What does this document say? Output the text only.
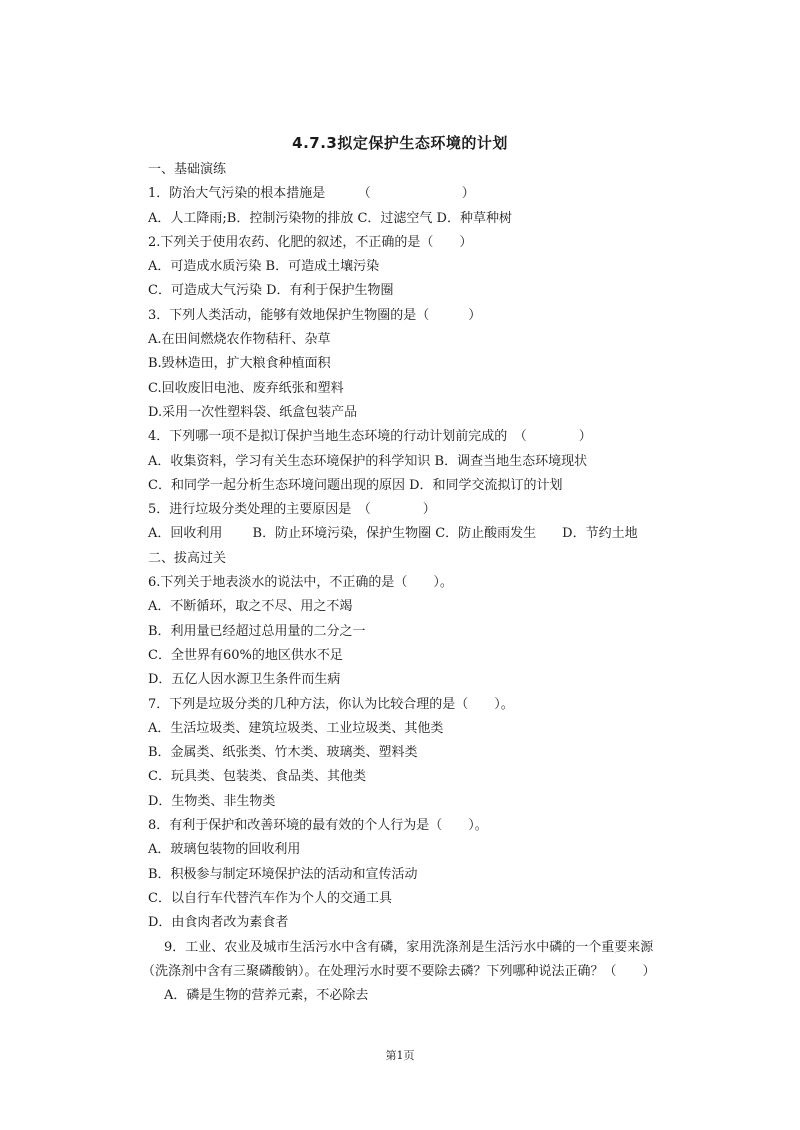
4.7.3拟定保护生态环境的计划
一、基础演练
1．防治大气污染的根本措施是　　　（　　　　　　　）
A．人工降雨;B．控制污染物的排放 C．过滤空气 D．种草种树
2.下列关于使用农药、化肥的叙述，不正确的是（　　）
A．可造成水质污染 B．可造成土壤污染
C．可造成大气污染 D．有利于保护生物圈
3．下列人类活动，能够有效地保护生物圈的是（　　　）
A.在田间燃烧农作物秸秆、杂草
B.毁林造田，扩大粮食种植面积
C.回收废旧电池、废弃纸张和塑料
D.采用一次性塑料袋、纸盒包装产品
4．下列哪一项不是拟订保护当地生态环境的行动计划前完成的　（　　　　）
A．收集资料，学习有关生态环境保护的科学知识 B．调查当地生态环境现状
C．和同学一起分析生态环境问题出现的原因 D．和同学交流拟订的计划
5．进行垃圾分类处理的主要原因是　（　　　　）
A．回收利用　　 B．防止环境污染，保护生物圈 C．防止酸雨发生　　D．节约土地
二、拔高过关
6.下列关于地表淡水的说法中，不正确的是（　　）。
A．不断循环，取之不尽、用之不竭
B．利用量已经超过总用量的二分之一
C．全世界有60%的地区供水不足
D．五亿人因水源卫生条件而生病
7．下列是垃圾分类的几种方法，你认为比较合理的是（　　）。
A．生活垃圾类、建筑垃圾类、工业垃圾类、其他类
B．金属类、纸张类、竹木类、玻璃类、塑料类
C．玩具类、包装类、食品类、其他类
D．生物类、非生物类
8．有利于保护和改善环境的最有效的个人行为是（　　）。
A．玻璃包装物的回收利用
B．积极参与制定环境保护法的活动和宣传活动
C．以自行车代替汽车作为个人的交通工具
D．由食肉者改为素食者
9．工业、农业及城市生活污水中含有磷，家用洗涤剂是生活污水中磷的一个重要来源
（洗涤剂中含有三聚磷酸钠）。在处理污水时要不要除去磷？下列哪种说法正确？（　　）
A．磷是生物的营养元素，不必除去
第1页
